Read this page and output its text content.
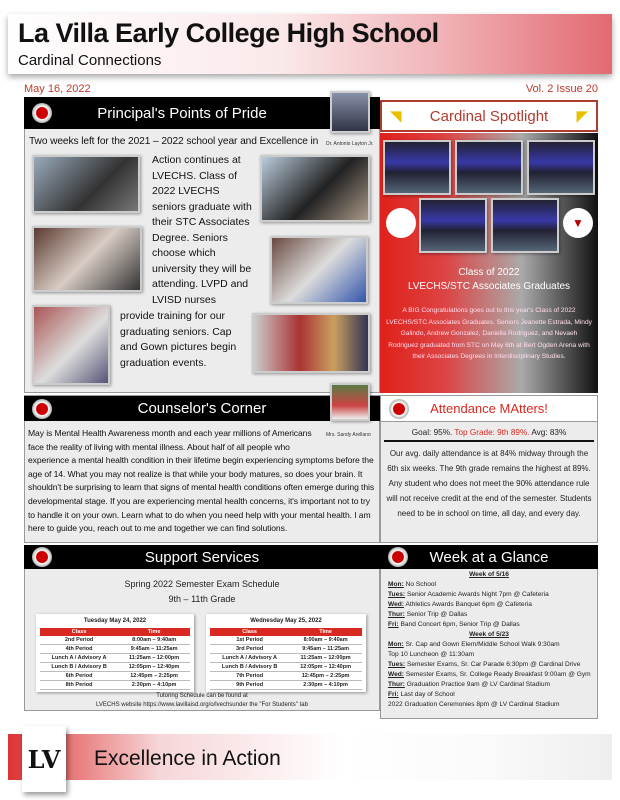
La Villa Early College High School
Cardinal Connections
May 16, 2022	Vol. 2 Issue 20
Principal's Points of Pride
Dr. Antonio Layton Jr.
Two weeks left for the 2021 – 2022 school year and Excellence in
Action continues at LVECHS. Class of 2022 LVECHS seniors graduate with their STC Associates Degree. Seniors choose which university they will be attending. LVPD and LVISD nurses
provide training for our graduating seniors. Cap and Gown pictures begin graduation events.
◥ Cardinal Spotlight ◤
▼
Class of 2022
LVECHS/STC Associates Graduates
A BIG Congratulations goes out to this year's Class of 2022 LVECHS/STC Associates Graduates. Seniors Jeanette Estrada, Mindy Galindo, Andrew Gonzalez, Daniella Rodriguez, and Nevaeh Rodriguez graduated from STC on May 6th at Bert Ogden Arena with their Associates Degrees in Interdisciplinary Studies.
Counselor's Corner
May is Mental Health Awareness month and each year millions of Americans face the reality of living with mental illness. About half of all people who experience a mental health condition in their lifetime begin experiencing symptoms before the age of 14. What you may not realize is that while your body matures, so does your brain. It shouldn't be surprising to learn that signs of mental health conditions often emerge during this developmental stage. If you are experiencing mental health concerns, it's important not to try to handle it on your own. Learn what to do when you need help with your mental health. I am here to guide you, reach out to me and together we can find solutions.
Mrs. Sandy Arellano
Attendance MAtters!
Goal: 95%. Top Grade: 9th 89%. Avg: 83%
Our avg. daily attendance is at 84% midway through the 6th six weeks. The 9th grade remains the highest at 89%. Any student who does not meet the 90% attendance rule will not receive credit at the end of the semester. Students need to be in school on time, all day, and every day.
Support Services
Spring 2022 Semester Exam Schedule
9th – 11th Grade
Tuesday May 24, 2022
Class	Time
2nd Period	8:00am – 9:40am
4th Period	9:45am – 11:25am
Lunch A / Advisory A	11:25am – 12:00pm
Lunch B / Advisory B	12:05pm – 12:40pm
6th Period	12:45pm – 2:25pm
8th Period	2:30pm – 4:10pm
Wednesday May 25, 2022
Class	Time
1st Period	8:00am – 9:40am
3rd Period	9:45am – 11:25am
Lunch A / Advisory A	11:25am – 12:00pm
Lunch B / Advisory B	12:05pm – 12:40pm
7th Period	12:45pm – 2:25pm
9th Period	2:30pm – 4:10pm
Tutoring Schedule can be found at
LVECHS website https://www.lavillaisd.org/o/lvechsunder the "For Students" tab
Week at a Glance
Week of 5/16
Mon: No School
Tues: Senior Academic Awards Night 7pm @ Cafeteria
Wed: Athletics Awards Banquet 6pm @ Cafeteria
Thur: Senior Trip @ Dallas
Fri: Band Concert 6pm, Senior Trip @ Dallas
Week of 5/23
Mon: Sr. Cap and Gown Elem/Middle School Walk 9:30am
Top 10 Luncheon @ 11:30am
Tues: Semester Exams, Sr. Car Parade 6:30pm @ Cardinal Drive
Wed: Semester Exams, Sr. College Ready Breakfast 9:00am @ Gym
Thur: Graduation Practice 9am @ LV Cardinal Stadium
Fri: Last day of School
2022 Graduation Ceremonies 8pm @ LV Cardinal Stadium
LV Excellence in Action
